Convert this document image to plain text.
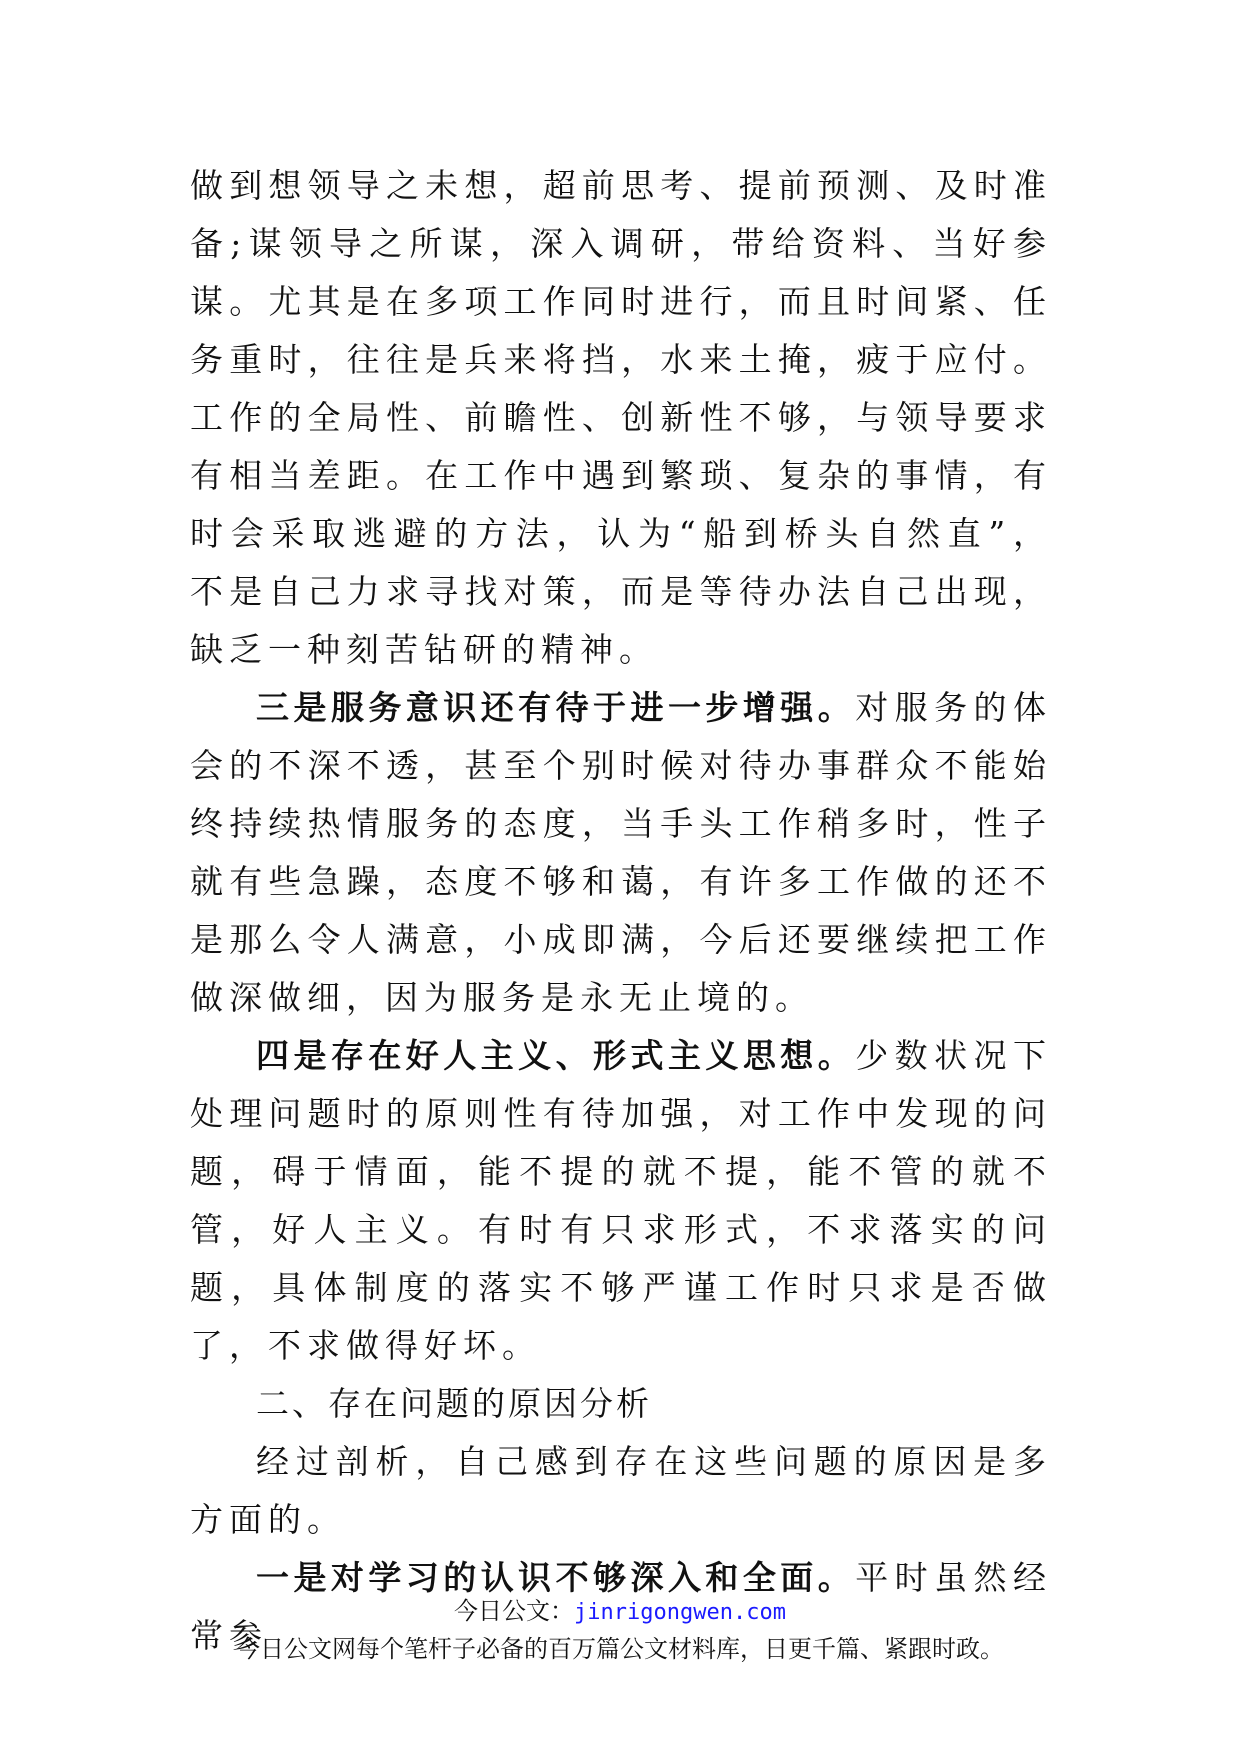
做到想领导之未想，超前思考、提前预测、及时准备;谋领导之所谋，深入调研，带给资料、当好参谋。尤其是在多项工作同时进行，而且时间紧、任务重时，往往是兵来将挡，水来土掩，疲于应付。工作的全局性、前瞻性、创新性不够，与领导要求有相当差距。在工作中遇到繁琐、复杂的事情，有时会采取逃避的方法，认为“船到桥头自然直”，不是自己力求寻找对策，而是等待办法自己出现，缺乏一种刻苦钻研的精神。

三是服务意识还有待于进一步增强。对服务的体会的不深不透，甚至个别时候对待办事群众不能始终持续热情服务的态度，当手头工作稍多时，性子就有些急躁，态度不够和蔼，有许多工作做的还不是那么令人满意，小成即满，今后还要继续把工作做深做细，因为服务是永无止境的。

四是存在好人主义、形式主义思想。少数状况下处理问题时的原则性有待加强，对工作中发现的问题，碍于情面，能不提的就不提，能不管的就不管，好人主义。有时有只求形式，不求落实的问题，具体制度的落实不够严谨工作时只求是否做了，不求做得好坏。

二、存在问题的原因分析

经过剖析，自己感到存在这些问题的原因是多方面的。

一是对学习的认识不够深入和全面。平时虽然经常参

今日公文：jinrigongwen.com
今日公文网每个笔杆子必备的百万篇公文材料库，日更千篇、紧跟时政。
